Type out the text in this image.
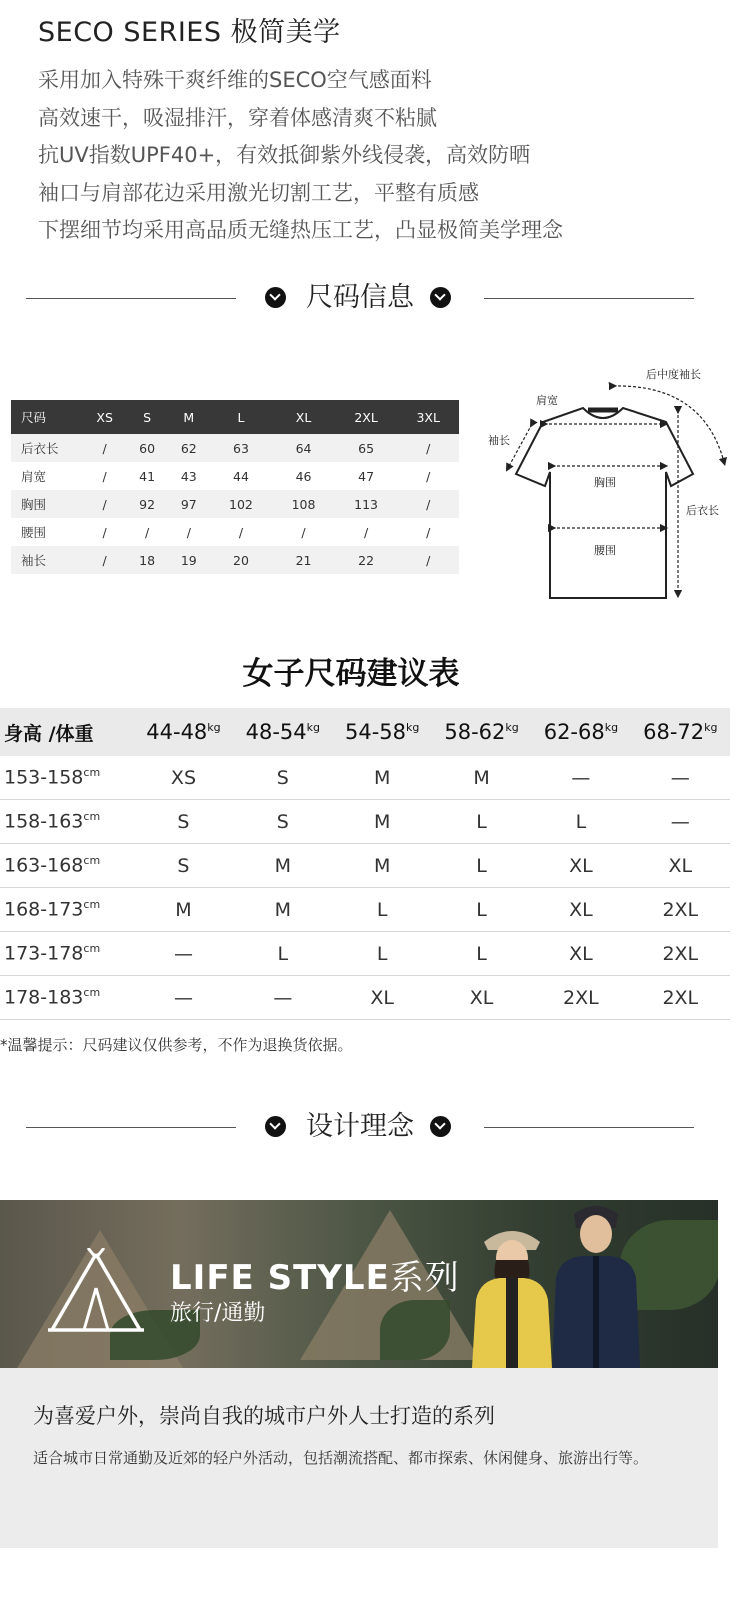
SECO SERIES 极简美学
采用加入特殊干爽纤维的SECO空气感面料
高效速干，吸湿排汗，穿着体感清爽不粘腻
抗UV指数UPF40+，有效抵御紫外线侵袭，高效防晒
袖口与肩部花边采用激光切割工艺，平整有质感
下摆细节均采用高品质无缝热压工艺，凸显极简美学理念
尺码信息
尺码	XS	S	M	L	XL	2XL	3XL
后衣长	/	60	62	63	64	65	/
肩宽	/	41	43	44	46	47	/
胸围	/	92	97	102	108	113	/
腰围	/	/	/	/	/	/	/
袖长	/	18	19	20	21	22	/
后中度袖长
肩宽
袖长
胸围
腰围
后衣长
女子尺码建议表
身高 /体重	$44-48^{kg}$	$48-54^{kg}$	$54-58^{kg}$	$58-62^{kg}$	$62-68^{kg}$	$68-72^{kg}$
$153-158^{cm}$	XS	S	M	M	—	—
$158-163^{cm}$	S	S	M	L	L	—
$163-168^{cm}$	S	M	M	L	XL	XL
$168-173^{cm}$	M	M	L	L	XL	2XL
$173-178^{cm}$	—	L	L	L	XL	2XL
$178-183^{cm}$	—	—	XL	XL	2XL	2XL
*温馨提示：尺码建议仅供参考，不作为退换货依据。
设计理念
LIFE STYLE系列
旅行/通勤
为喜爱户外，崇尚自我的城市户外人士打造的系列
适合城市日常通勤及近郊的轻户外活动，包括潮流搭配、都市探索、休闲健身、旅游出行等。
